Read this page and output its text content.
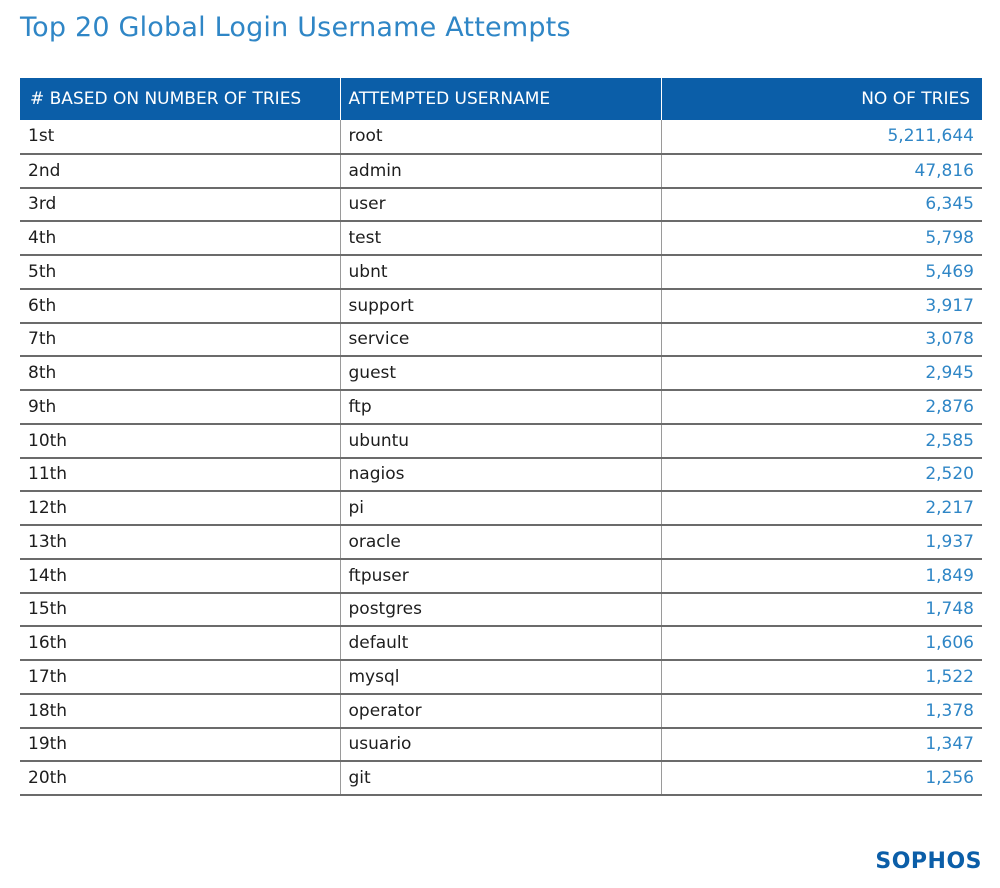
Top 20 Global Login Username Attempts
# BASED ON NUMBER OF TRIES	ATTEMPTED USERNAME	NO OF TRIES
1st	root	5,211,644
2nd	admin	47,816
3rd	user	6,345
4th	test	5,798
5th	ubnt	5,469
6th	support	3,917
7th	service	3,078
8th	guest	2,945
9th	ftp	2,876
10th	ubuntu	2,585
11th	nagios	2,520
12th	pi	2,217
13th	oracle	1,937
14th	ftpuser	1,849
15th	postgres	1,748
16th	default	1,606
17th	mysql	1,522
18th	operator	1,378
19th	usuario	1,347
20th	git	1,256
SOPHOS
